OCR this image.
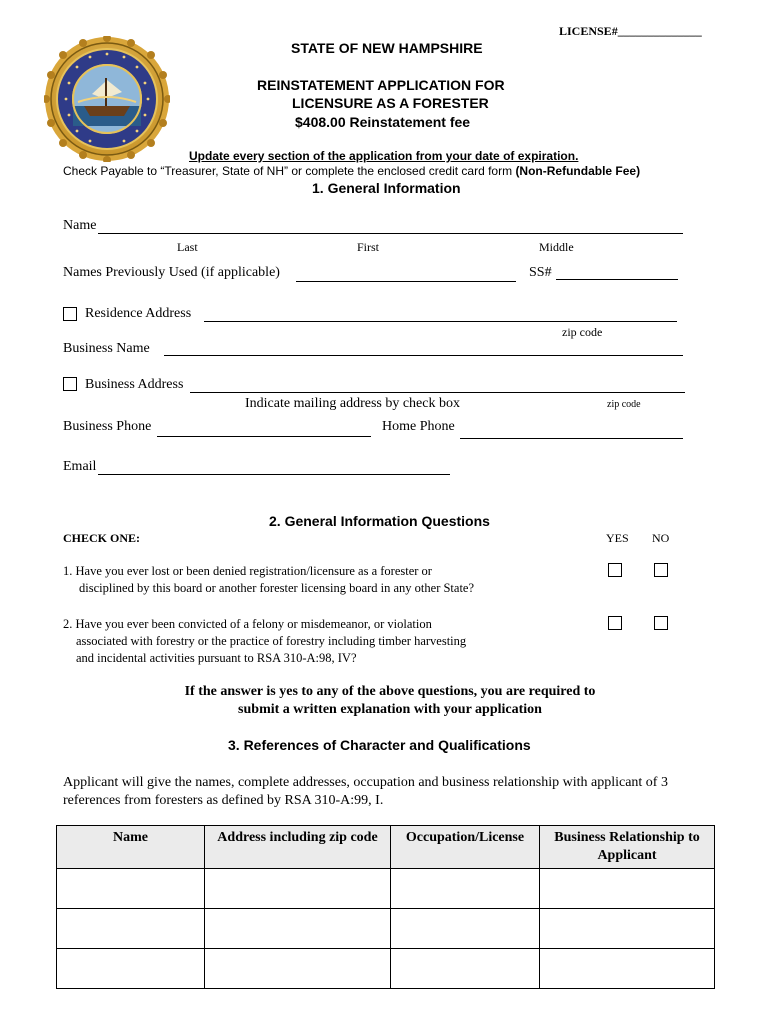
LICENSE#______________
STATE OF NEW HAMPSHIRE
REINSTATEMENT APPLICATION FOR
LICENSURE AS A FORESTER
$408.00 Reinstatement fee
Update every section of the application from your date of expiration.
Check Payable to “Treasurer, State of NH” or complete the enclosed credit card form (Non-Refundable Fee)
1. General Information
Name
Last	First	Middle
Names Previously Used (if applicable)	SS#
Residence Address
zip code
Business Name
Business Address
Indicate mailing address by check box	zip code
Business Phone	Home Phone
Email
2. General Information Questions
CHECK ONE:	YES NO
1. Have you ever lost or been denied registration/licensure as a forester or
disciplined by this board or another forester licensing board in any other State?
2. Have you ever been convicted of a felony or misdemeanor, or violation
associated with forestry or the practice of forestry including timber harvesting
and incidental activities pursuant to RSA 310-A:98, IV?
If the answer is yes to any of the above questions, you are required to
submit a written explanation with your application
3. References of Character and Qualifications
Applicant will give the names, complete addresses, occupation and business relationship with applicant of 3
references from foresters as defined by RSA 310-A:99, I.
Name	Address including zip code	Occupation/License	Business Relationship to Applicant
